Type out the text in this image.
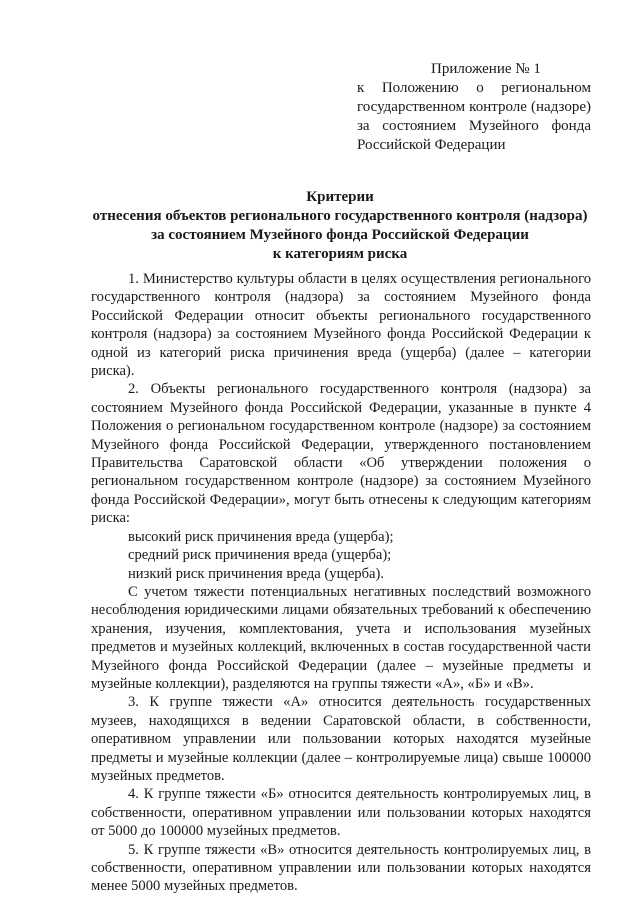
Приложение № 1
к Положению о региональном государственном контроле (надзоре) за состоянием Музейного фонда Российской Федерации
Критерии
отнесения объектов регионального государственного контроля (надзора)
за состоянием Музейного фонда Российской Федерации
к категориям риска

1. Министерство культуры области в целях осуществления регионального государственного контроля (надзора) за состоянием Музейного фонда Российской Федерации относит объекты регионального государственного контроля (надзора) за состоянием Музейного фонда Российской Федерации к одной из категорий риска причинения вреда (ущерба) (далее – категории риска).

2. Объекты регионального государственного контроля (надзора) за состоянием Музейного фонда Российской Федерации, указанные в пункте 4 Положения о региональном государственном контроле (надзоре) за состоянием Музейного фонда Российской Федерации, утвержденного постановлением Правительства Саратовской области «Об утверждении положения о региональном государственном контроле (надзоре) за состоянием Музейного фонда Российской Федерации», могут быть отнесены к следующим категориям риска:

высокий риск причинения вреда (ущерба);

средний риск причинения вреда (ущерба);

низкий риск причинения вреда (ущерба).

С учетом тяжести потенциальных негативных последствий возможного несоблюдения юридическими лицами обязательных требований к обеспечению хранения, изучения, комплектования, учета и использования музейных предметов и музейных коллекций, включенных в состав государственной части Музейного фонда Российской Федерации (далее – музейные предметы и музейные коллекции), разделяются на группы тяжести «А», «Б» и «В».

3. К группе тяжести «А» относится деятельность государственных музеев, находящихся в ведении Саратовской области, в собственности, оперативном управлении или пользовании которых находятся музейные предметы и музейные коллекции (далее – контролируемые лица) свыше 100000 музейных предметов.

4. К группе тяжести «Б» относится деятельность контролируемых лиц, в собственности, оперативном управлении или пользовании которых находятся от 5000 до 100000 музейных предметов.

5. К группе тяжести «В» относится деятельность контролируемых лиц, в собственности, оперативном управлении или пользовании которых находятся менее 5000 музейных предметов.
